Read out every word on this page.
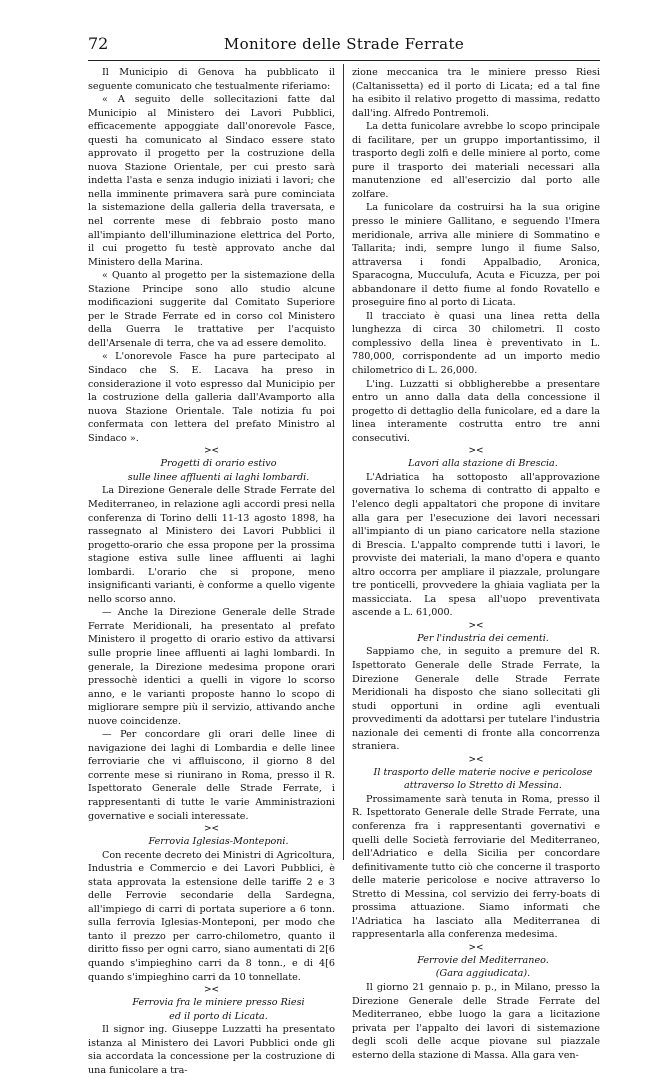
72	Monitore delle Strade Ferrate

Il Municipio di Genova ha pubblicato il seguente comunicato che testualmente riferiamo:

« A seguito delle sollecitazioni fatte dal Municipio al Ministero dei Lavori Pubblici, efficacemente appoggiate dall'onorevole Fasce, questi ha comunicato al Sindaco essere stato approvato il progetto per la costruzione della nuova Stazione Orientale, per cui presto sarà indetta l'asta e senza indugio iniziati i lavori; che nella imminente primavera sarà pure cominciata la sistemazione della galleria della traversata, e nel corrente mese di febbraio posto mano all'impianto dell'illuminazione elettrica del Porto, il cui progetto fu testè approvato anche dal Ministero della Marina.

« Quanto al progetto per la sistemazione della Stazione Principe sono allo studio alcune modificazioni suggerite dal Comitato Superiore per le Strade Ferrate ed in corso col Ministero della Guerra le trattative per l'acquisto dell'Arsenale di terra, che va ad essere demolito.

« L'onorevole Fasce ha pure partecipato al Sindaco che S. E. Lacava ha preso in considerazione il voto espresso dal Municipio per la costruzione della galleria dall'Avamporto alla nuova Stazione Orientale. Tale notizia fu poi confermata con lettera del prefato Ministro al Sindaco ».

><

Progetti di orario estivo

sulle linee affluenti ai laghi lombardi.

La Direzione Generale delle Strade Ferrate del Mediterraneo, in relazione agli accordi presi nella conferenza di Torino delli 11-13 agosto 1898, ha rassegnato al Ministero dei Lavori Pubblici il progetto-orario che essa propone per la prossima stagione estiva sulle linee affluenti ai laghi lombardi. L'orario che si propone, meno insignificanti varianti, è conforme a quello vigente nello scorso anno.

— Anche la Direzione Generale delle Strade Ferrate Meridionali, ha presentato al prefato Ministero il progetto di orario estivo da attivarsi sulle proprie linee affluenti ai laghi lombardi. In generale, la Direzione medesima propone orari pressochè identici a quelli in vigore lo scorso anno, e le varianti proposte hanno lo scopo di migliorare sempre più il servizio, attivando anche nuove coincidenze.

— Per concordare gli orari delle linee di navigazione dei laghi di Lombardia e delle linee ferroviarie che vi affluiscono, il giorno 8 del corrente mese si riunirano in Roma, presso il R. Ispettorato Generale delle Strade Ferrate, i rappresentanti di tutte le varie Amministrazioni governative e sociali interessate.

><

Ferrovia Iglesias-Monteponi.

Con recente decreto dei Ministri di Agricoltura, Industria e Commercio e dei Lavori Pubblici, è stata approvata la estensione delle tariffe 2 e 3 delle Ferrovie secondarie della Sardegna, all'impiego di carri di portata superiore a 6 tonn. sulla ferrovia Iglesias-Monteponi, per modo che tanto il prezzo per carro-chilometro, quanto il diritto fisso per ogni carro, siano aumentati di 2[6 quando s'impieghino carri da 8 tonn., e di 4[6 quando s'impieghino carri da 10 tonnellate.

><

Ferrovia fra le miniere presso Riesi

ed il porto di Licata.

Il signor ing. Giuseppe Luzzatti ha presentato istanza al Ministero dei Lavori Pubblici onde gli sia accordata la concessione per la costruzione di una funicolare a tra-

zione meccanica tra le miniere presso Riesi (Caltanissetta) ed il porto di Licata; ed a tal fine ha esibito il relativo progetto di massima, redatto dall'ing. Alfredo Pontremoli.

La detta funicolare avrebbe lo scopo principale di facilitare, per un gruppo importantissimo, il trasporto degli zolfi e delle miniere al porto, come pure il trasporto dei materiali necessari alla manutenzione ed all'esercizio dal porto alle zolfare.

La funicolare da costruirsi ha la sua origine presso le miniere Gallitano, e seguendo l'Imera meridionale, arriva alle miniere di Sommatino e Tallarita; indi, sempre lungo il fiume Salso, attraversa i fondi Appalbadio, Aronica, Sparacogna, Mucculufa, Acuta e Ficuzza, per poi abbandonare il detto fiume al fondo Rovatello e proseguire fino al porto di Licata.

Il tracciato è quasi una linea retta della lunghezza di circa 30 chilometri. Il costo complessivo della linea è preventivato in L. 780,000, corrispondente ad un importo medio chilometrico di L. 26,000.

L'ing. Luzzatti si obbligherebbe a presentare entro un anno dalla data della concessione il progetto di dettaglio della funicolare, ed a dare la linea interamente costrutta entro tre anni consecutivi.

><

Lavori alla stazione di Brescia.

L'Adriatica ha sottoposto all'approvazione governativa lo schema di contratto di appalto e l'elenco degli appaltatori che propone di invitare alla gara per l'esecuzione dei lavori necessari all'impianto di un piano caricatore nella stazione di Brescia. L'appalto comprende tutti i lavori, le provviste dei materiali, la mano d'opera e quanto altro occorra per ampliare il piazzale, prolungare tre ponticelli, provvedere la ghiaia vagliata per la massicciata. La spesa all'uopo preventivata ascende a L. 61,000.

><

Per l'industria dei cementi.

Sappiamo che, in seguito a premure del R. Ispettorato Generale delle Strade Ferrate, la Direzione Generale delle Strade Ferrate Meridionali ha disposto che siano sollecitati gli studi opportuni in ordine agli eventuali provvedimenti da adottarsi per tutelare l'industria nazionale dei cementi di fronte alla concorrenza straniera.

><

Il trasporto delle materie nocive e pericolose

attraverso lo Stretto di Messina.

Prossimamente sarà tenuta in Roma, presso il R. Ispettorato Generale delle Strade Ferrate, una conferenza fra i rappresentanti governativi e quelli delle Società ferroviarie del Mediterraneo, dell'Adriatico e della Sicilia per concordare definitivamente tutto ciò che concerne il trasporto delle materie pericolose e nocive attraverso lo Stretto di Messina, col servizio dei ferry-boats di prossima attuazione. Siamo informati che l'Adriatica ha lasciato alla Mediterranea di rappresentarla alla conferenza medesima.

><

Ferrovie del Mediterraneo.

(Gara aggiudicata).

Il giorno 21 gennaio p. p., in Milano, presso la Direzione Generale delle Strade Ferrate del Mediterraneo, ebbe luogo la gara a licitazione privata per l'appalto dei lavori di sistemazione degli scoli delle acque piovane sul piazzale esterno della stazione di Massa. Alla gara ven-
